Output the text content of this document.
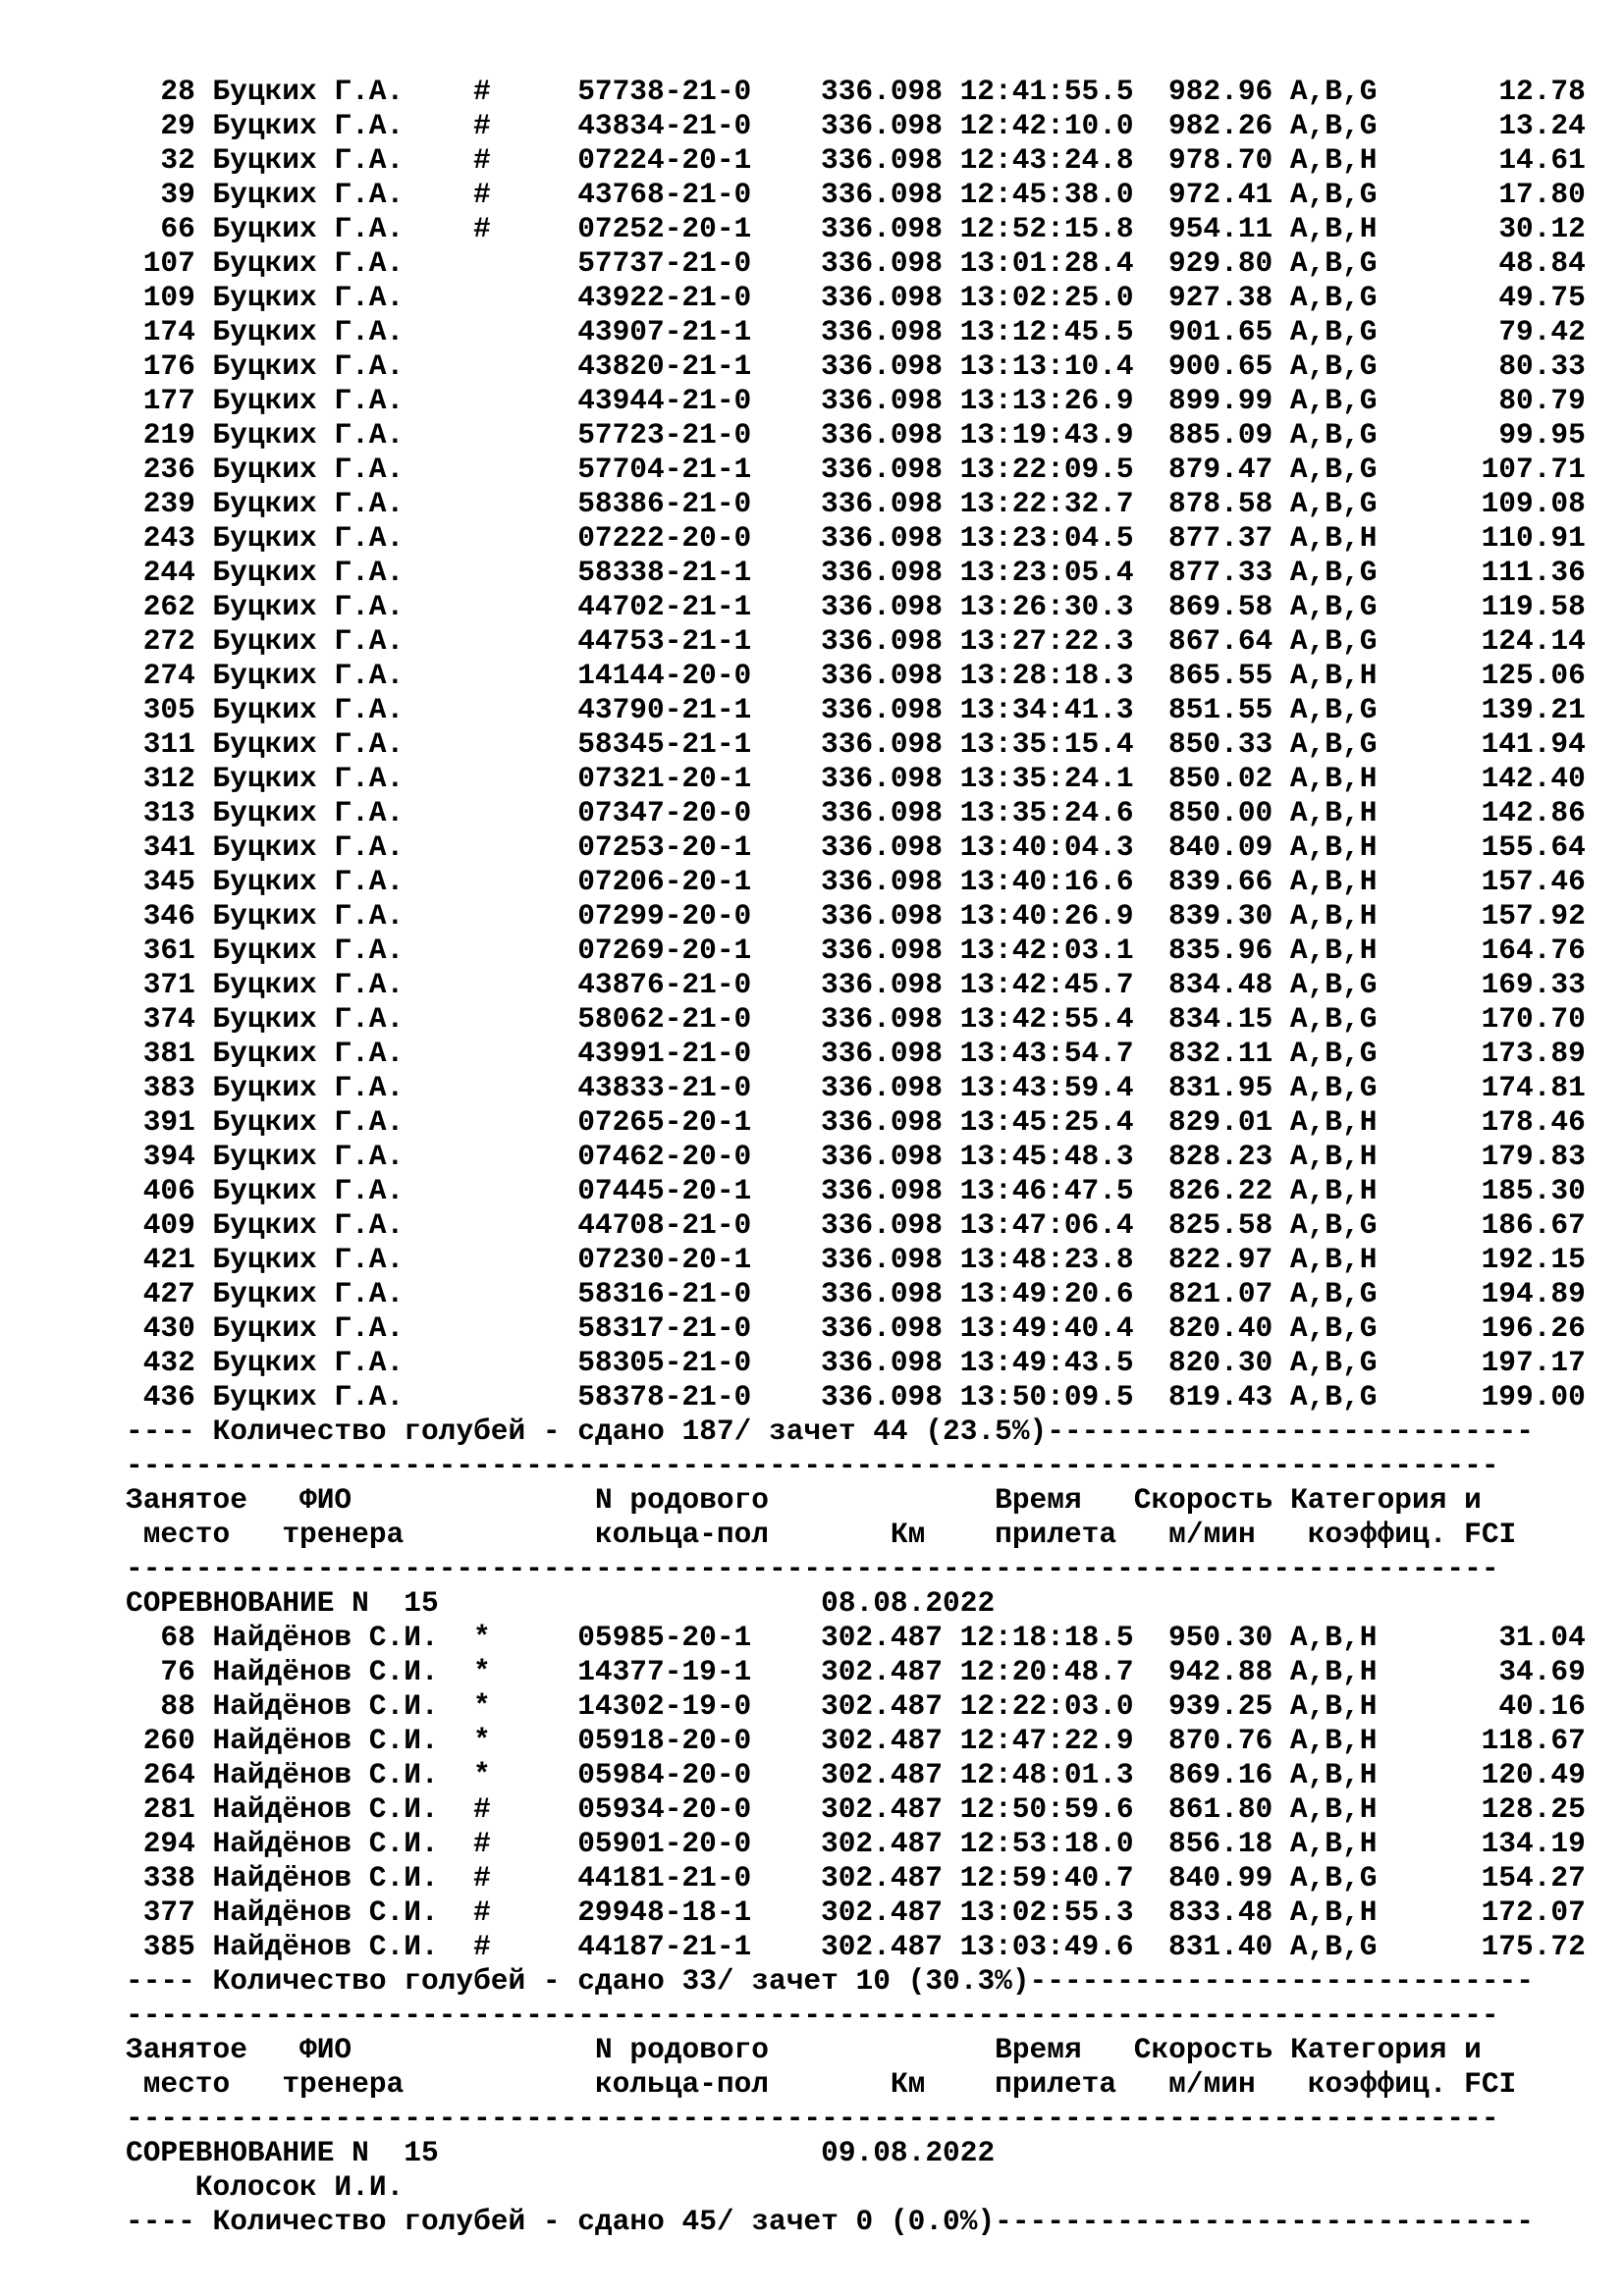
28 Буцких Г.А. #	57738-21-0 336.098 12:41:55.5 982.96 A,B,G	12.78
29 Буцких Г.А. #	43834-21-0 336.098 12:42:10.0 982.26 A,B,G	13.24
32 Буцких Г.А. #	07224-20-1 336.098 12:43:24.8 978.70 A,B,H	14.61
39 Буцких Г.А. #	43768-21-0 336.098 12:45:38.0 972.41 A,B,G	17.80
66 Буцких Г.А. #	07252-20-1 336.098 12:52:15.8 954.11 A,B,H	30.12
107 Буцких Г.А.	57737-21-0 336.098 13:01:28.4 929.80 A,B,G	48.84
109 Буцких Г.А.	43922-21-0 336.098 13:02:25.0 927.38 A,B,G	49.75
174 Буцких Г.А.	43907-21-1 336.098 13:12:45.5 901.65 A,B,G	79.42
176 Буцких Г.А.	43820-21-1 336.098 13:13:10.4 900.65 A,B,G	80.33
177 Буцких Г.А.	43944-21-0 336.098 13:13:26.9 899.99 A,B,G	80.79
219 Буцких Г.А.	57723-21-0 336.098 13:19:43.9 885.09 A,B,G	99.95
236 Буцких Г.А.	57704-21-1 336.098 13:22:09.5 879.47 A,B,G	107.71
239 Буцких Г.А.	58386-21-0 336.098 13:22:32.7 878.58 A,B,G	109.08
243 Буцких Г.А.	07222-20-0 336.098 13:23:04.5 877.37 A,B,H	110.91
244 Буцких Г.А.	58338-21-1 336.098 13:23:05.4 877.33 A,B,G	111.36
262 Буцких Г.А.	44702-21-1 336.098 13:26:30.3 869.58 A,B,G	119.58
272 Буцких Г.А.	44753-21-1 336.098 13:27:22.3 867.64 A,B,G	124.14
274 Буцких Г.А.	14144-20-0 336.098 13:28:18.3 865.55 A,B,H	125.06
305 Буцких Г.А.	43790-21-1 336.098 13:34:41.3 851.55 A,B,G	139.21
311 Буцких Г.А.	58345-21-1 336.098 13:35:15.4 850.33 A,B,G	141.94
312 Буцких Г.А.	07321-20-1 336.098 13:35:24.1 850.02 A,B,H	142.40
313 Буцких Г.А.	07347-20-0 336.098 13:35:24.6 850.00 A,B,H	142.86
341 Буцких Г.А.	07253-20-1 336.098 13:40:04.3 840.09 A,B,H	155.64
345 Буцких Г.А.	07206-20-1 336.098 13:40:16.6 839.66 A,B,H	157.46
346 Буцких Г.А.	07299-20-0 336.098 13:40:26.9 839.30 A,B,H	157.92
361 Буцких Г.А.	07269-20-1 336.098 13:42:03.1 835.96 A,B,H	164.76
371 Буцких Г.А.	43876-21-0 336.098 13:42:45.7 834.48 A,B,G	169.33
374 Буцких Г.А.	58062-21-0 336.098 13:42:55.4 834.15 A,B,G	170.70
381 Буцких Г.А.	43991-21-0 336.098 13:43:54.7 832.11 A,B,G	173.89
383 Буцких Г.А.	43833-21-0 336.098 13:43:59.4 831.95 A,B,G	174.81
391 Буцких Г.А.	07265-20-1 336.098 13:45:25.4 829.01 A,B,H	178.46
394 Буцких Г.А.	07462-20-0 336.098 13:45:48.3 828.23 A,B,H	179.83
406 Буцких Г.А.	07445-20-1 336.098 13:46:47.5 826.22 A,B,H	185.30
409 Буцких Г.А.	44708-21-0 336.098 13:47:06.4 825.58 A,B,G	186.67
421 Буцких Г.А.	07230-20-1 336.098 13:48:23.8 822.97 A,B,H	192.15
427 Буцких Г.А.	58316-21-0 336.098 13:49:20.6 821.07 A,B,G	194.89
430 Буцких Г.А.	58317-21-0 336.098 13:49:40.4 820.40 A,B,G	196.26
432 Буцких Г.А.	58305-21-0 336.098 13:49:43.5 820.30 A,B,G	197.17
436 Буцких Г.А.	58378-21-0 336.098 13:50:09.5 819.43 A,B,G	199.00
---- Количество голубей - сдано 187/ зачет 44 (23.5%)----------------------------
-------------------------------------------------------------------------------
Занятое   ФИО              N родового             Время   Скорость Категория и
место   тренера           кольца-пол       Км    прилета   м/мин   коэффиц. FCI
-------------------------------------------------------------------------------
СОРЕВНОВАНИЕ N  15                      08.08.2022
68 Найдёнов С.И. *	05985-20-1 302.487 12:18:18.5 950.30 A,B,H	31.04
76 Найдёнов С.И. *	14377-19-1 302.487 12:20:48.7 942.88 A,B,H	34.69
88 Найдёнов С.И. *	14302-19-0 302.487 12:22:03.0 939.25 A,B,H	40.16
260 Найдёнов С.И. *	05918-20-0 302.487 12:47:22.9 870.76 A,B,H	118.67
264 Найдёнов С.И. *	05984-20-0 302.487 12:48:01.3 869.16 A,B,H	120.49
281 Найдёнов С.И. #	05934-20-0 302.487 12:50:59.6 861.80 A,B,H	128.25
294 Найдёнов С.И. #	05901-20-0 302.487 12:53:18.0 856.18 A,B,H	134.19
338 Найдёнов С.И. #	44181-21-0 302.487 12:59:40.7 840.99 A,B,G	154.27
377 Найдёнов С.И. #	29948-18-1 302.487 13:02:55.3 833.48 A,B,H	172.07
385 Найдёнов С.И. #	44187-21-1 302.487 13:03:49.6 831.40 A,B,G	175.72
---- Количество голубей - сдано 33/ зачет 10 (30.3%)-----------------------------
-------------------------------------------------------------------------------
Занятое   ФИО              N родового             Время   Скорость Категория и
место   тренера           кольца-пол       Км    прилета   м/мин   коэффиц. FCI
-------------------------------------------------------------------------------
СОРЕВНОВАНИЕ N  15                      09.08.2022
Колосок И.И.
---- Количество голубей - сдано 45/ зачет 0 (0.0%)-------------------------------
